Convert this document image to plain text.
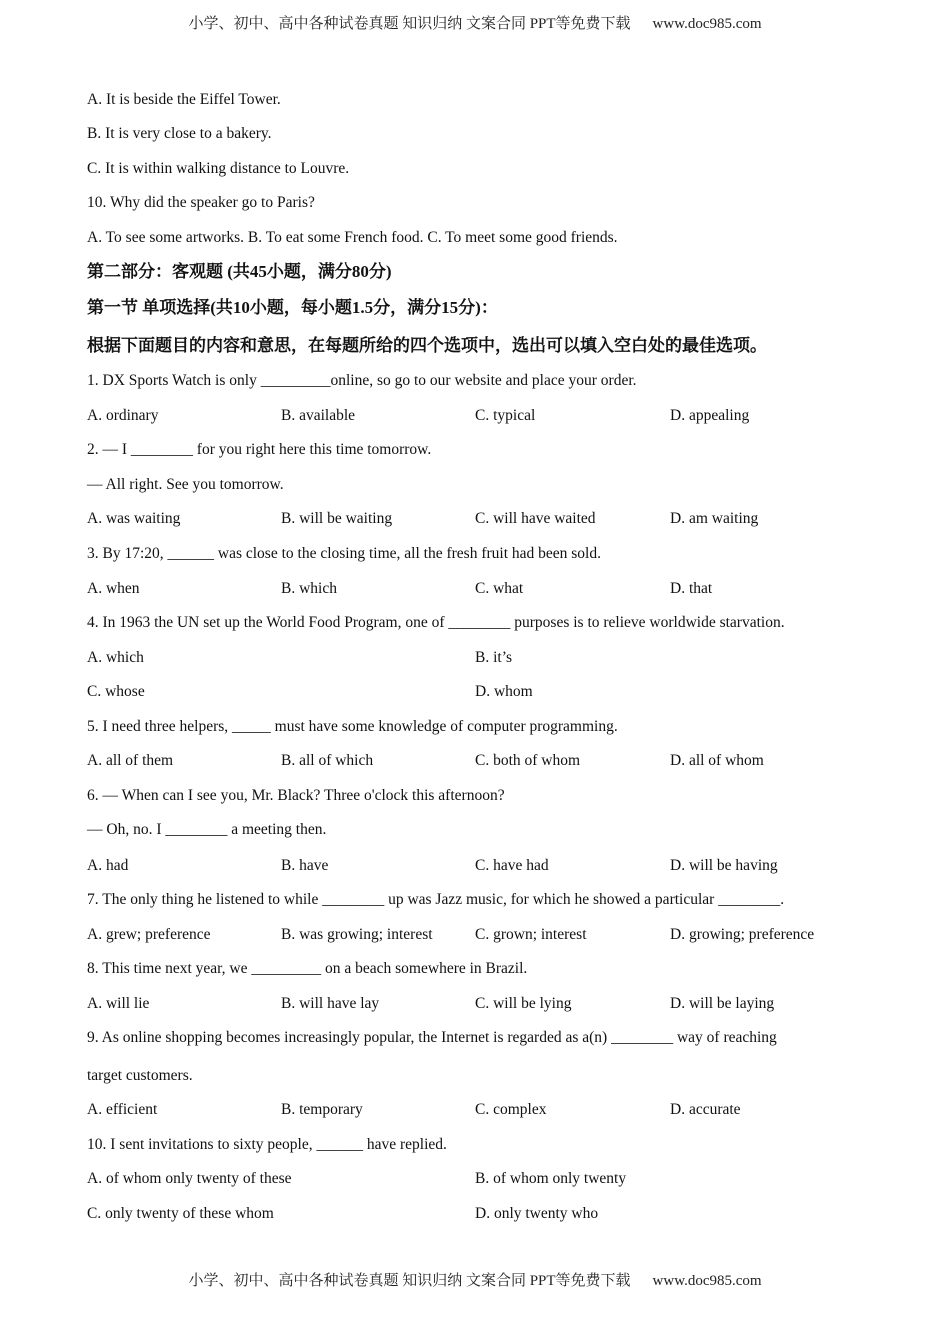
小学、初中、高中各种试卷真题 知识归纳 文案合同 PPT等免费下载 www.doc985.com
A. It is beside the Eiffel Tower.
B. It is very close to a bakery.
C. It is within walking distance to Louvre.
10. Why did the speaker go to Paris?
A. To see some artworks. B. To eat some French food. C. To meet some good friends.
第二部分：客观题 (共45小题，满分80分)
第一节 单项选择(共10小题，每小题1.5分，满分15分)：
根据下面题目的内容和意思，在每题所给的四个选项中，选出可以填入空白处的最佳选项。
1. DX Sports Watch is only _________online, so go to our website and place your order.
A. ordinary	B. available	C. typical	D. appealing
2. — I ________ for you right here this time tomorrow.
— All right. See you tomorrow.
A. was waiting	B. will be waiting	C. will have waited	D. am waiting
3. By 17:20, ______ was close to the closing time, all the fresh fruit had been sold.
A. when	B. which	C. what	D. that
4. In 1963 the UN set up the World Food Program, one of ________ purposes is to relieve worldwide starvation.
A. which	B. it’s
C. whose	D. whom
5. I need three helpers, _____ must have some knowledge of computer programming.
A. all of them	B. all of which	C. both of whom	D. all of whom
6. — When can I see you, Mr. Black? Three o'clock this afternoon?
— Oh, no. I ________ a meeting then.
A. had	B. have	C. have had	D. will be having
7. The only thing he listened to while ________ up was Jazz music, for which he showed a particular ________.
A. grew; preference	B. was growing; interest	C. grown; interest	D. growing; preference
8. This time next year, we _________ on a beach somewhere in Brazil.
A. will lie	B. will have lay	C. will be lying	D. will be laying
9. As online shopping becomes increasingly popular, the Internet is regarded as a(n) ________ way of reaching
target customers.
A. efficient	B. temporary	C. complex	D. accurate
10. I sent invitations to sixty people, ______ have replied.
A. of whom only twenty of these	B. of whom only twenty
C. only twenty of these whom	D. only twenty who
小学、初中、高中各种试卷真题 知识归纳 文案合同 PPT等免费下载 www.doc985.com
